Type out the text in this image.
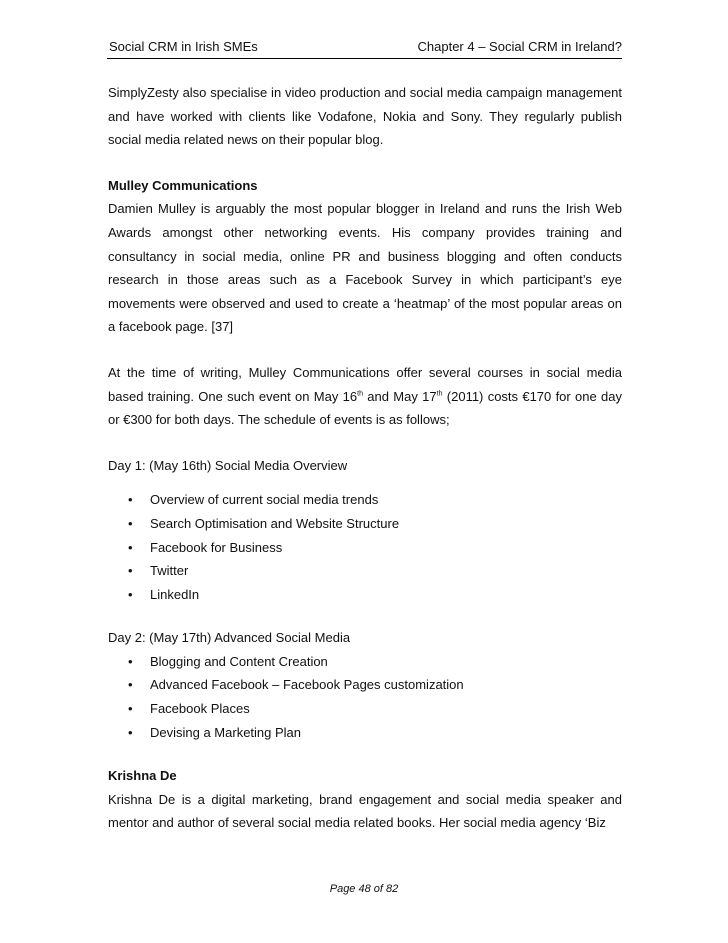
Social CRM in Irish SMEs	Chapter 4 – Social CRM in Ireland?

SimplyZesty also specialise in video production and social media campaign management and have worked with clients like Vodafone, Nokia and Sony. They regularly publish social media related news on their popular blog.

Mulley Communications

Damien Mulley is arguably the most popular blogger in Ireland and runs the Irish Web Awards amongst other networking events. His company provides training and consultancy in social media, online PR and business blogging and often conducts research in those areas such as a Facebook Survey in which participant’s eye movements were observed and used to create a ‘heatmap’ of the most popular areas on a facebook page. [37]

At the time of writing, Mulley Communications offer several courses in social media based training. One such event on May 16th and May 17th (2011) costs €170 for one day or €300 for both days. The schedule of events is as follows;

Day 1: (May 16th) Social Media Overview

• Overview of current social media trends
• Search Optimisation and Website Structure
• Facebook for Business
• Twitter
• LinkedIn

Day 2: (May 17th) Advanced Social Media

• Blogging and Content Creation
• Advanced Facebook – Facebook Pages customization
• Facebook Places
• Devising a Marketing Plan

Krishna De

Krishna De is a digital marketing, brand engagement and social media speaker and mentor and author of several social media related books. Her social media agency ‘Biz

Page 48 of 82
